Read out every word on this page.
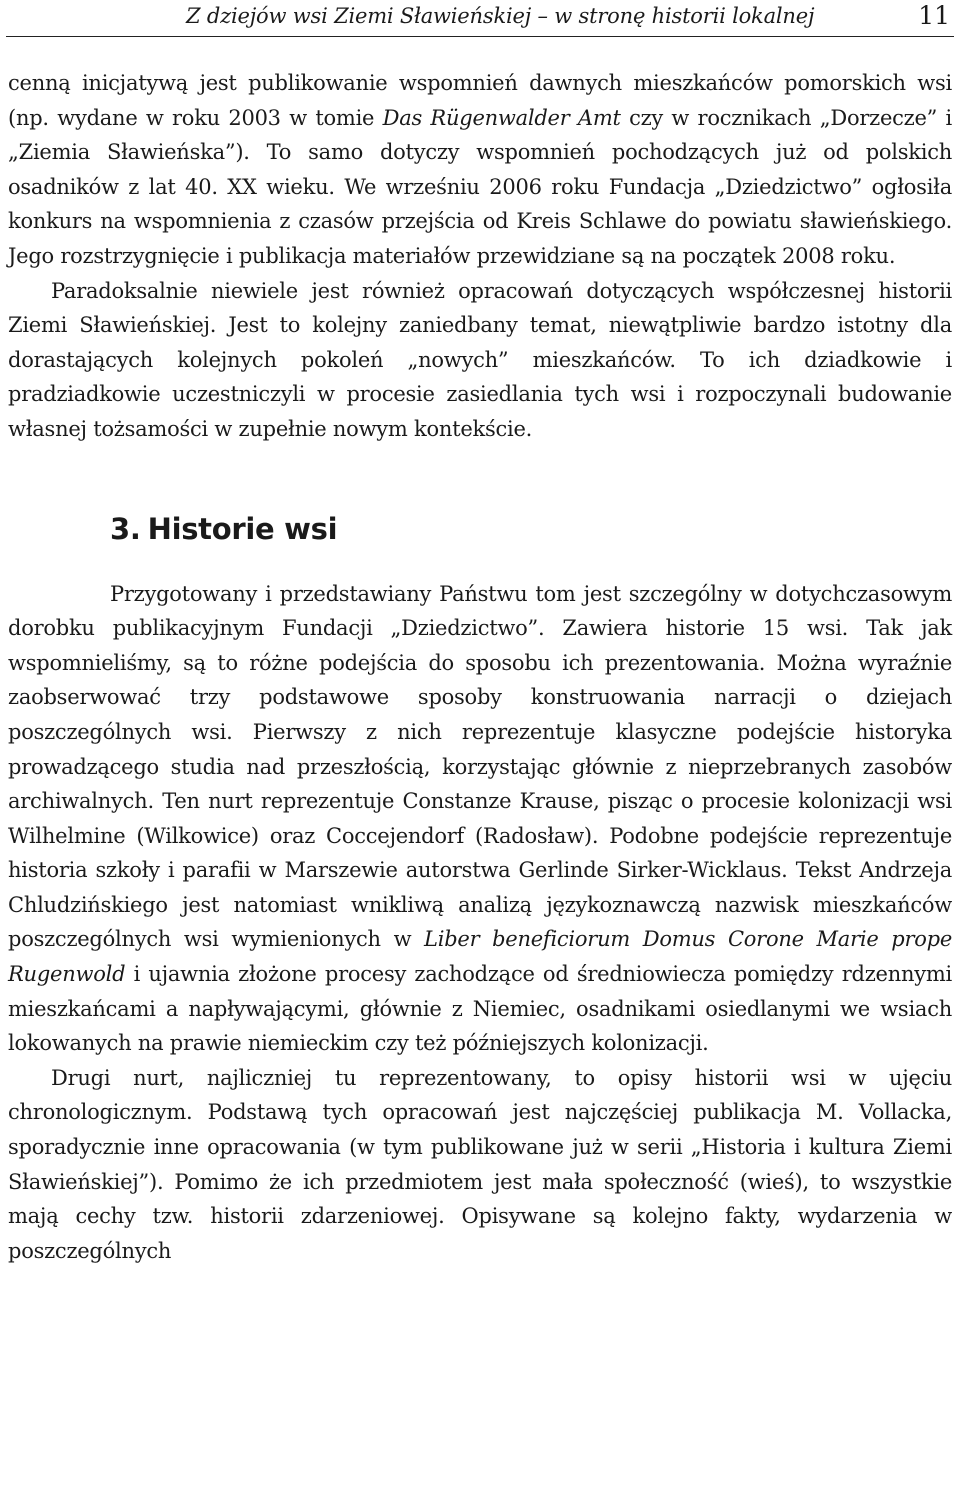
Z dziejów wsi Ziemi Sławieńskiej – w stronę historii lokalnej	11

cenną inicjatywą jest publikowanie wspomnień dawnych mieszkańców pomorskich wsi (np. wydane w roku 2003 w tomie Das Rügenwalder Amt czy w rocznikach „Dorzecze” i „Ziemia Sławieńska”). To samo dotyczy wspomnień pochodzących już od polskich osadników z lat 40. XX wieku. We wrześniu 2006 roku Fundacja „Dziedzictwo” ogłosiła konkurs na wspomnienia z czasów przejścia od Kreis Schlawe do powiatu sławieńskiego. Jego rozstrzygnięcie i publikacja materiałów przewidziane są na początek 2008 roku.

Paradoksalnie niewiele jest również opracowań dotyczących współczesnej historii Ziemi Sławieńskiej. Jest to kolejny zaniedbany temat, niewątpliwie bardzo istotny dla dorastających kolejnych pokoleń „nowych” mieszkańców. To ich dziadkowie i pradziadkowie uczestniczyli w procesie zasiedlania tych wsi i rozpoczynali budowanie własnej tożsamości w zupełnie nowym kontekście.

3. Historie wsi

Przygotowany i przedstawiany Państwu tom jest szczególny w dotychczasowym dorobku publikacyjnym Fundacji „Dziedzictwo”. Zawiera historie 15 wsi. Tak jak wspomnieliśmy, są to różne podejścia do sposobu ich prezentowania. Można wyraźnie zaobserwować trzy podstawowe sposoby konstruowania narracji o dziejach poszczególnych wsi. Pierwszy z nich reprezentuje klasyczne podejście historyka prowadzącego studia nad przeszłością, korzystając głównie z nieprzebranych zasobów archiwalnych. Ten nurt reprezentuje Constanze Krause, pisząc o procesie kolonizacji wsi Wilhelmine (Wilkowice) oraz Coccejendorf (Radosław). Podobne podejście reprezentuje historia szkoły i parafii w Marszewie autorstwa Gerlinde Sirker-Wicklaus. Tekst Andrzeja Chludzińskiego jest natomiast wnikliwą analizą językoznawczą nazwisk mieszkańców poszczególnych wsi wymienionych w Liber beneficiorum Domus Corone Marie prope Rugenwold i ujawnia złożone procesy zachodzące od średniowiecza pomiędzy rdzennymi mieszkańcami a napływającymi, głównie z Niemiec, osadnikami osiedlanymi we wsiach lokowanych na prawie niemieckim czy też późniejszych kolonizacji.

Drugi nurt, najliczniej tu reprezentowany, to opisy historii wsi w ujęciu chronologicznym. Podstawą tych opracowań jest najczęściej publikacja M. Vollacka, sporadycznie inne opracowania (w tym publikowane już w serii „Historia i kultura Ziemi Sławieńskiej”). Pomimo że ich przedmiotem jest mała społeczność (wieś), to wszystkie mają cechy tzw. historii zdarzeniowej. Opisywane są kolejno fakty, wydarzenia w poszczególnych
